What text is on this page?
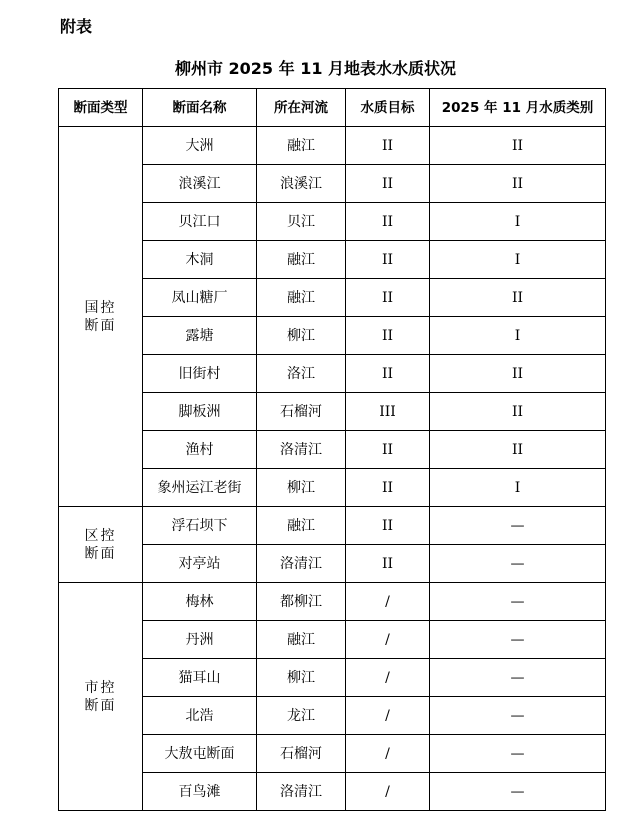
附表
柳州市 2025 年 11 月地表水水质状况
断面类型	断面名称	所在河流	水质目标	2025 年 11 月水质类别

国控
断面	大洲	融江	II	II
	浪溪江	浪溪江	II	II
	贝江口	贝江	II	I
	木洞	融江	II	I
	凤山糖厂	融江	II	II
	露塘	柳江	II	I
	旧街村	洛江	II	II
	脚板洲	石榴河	III	II
	渔村	洛清江	II	II
	象州运江老街	柳江	II	I

区控
断面	浮石坝下	融江	II	—
	对亭站	洛清江	II	—

市控
断面	梅林	都柳江	/	—
	丹洲	融江	/	—
	猫耳山	柳江	/	—
	北浩	龙江	/	—
	大敖屯断面	石榴河	/	—
	百鸟滩	洛清江	/	—
